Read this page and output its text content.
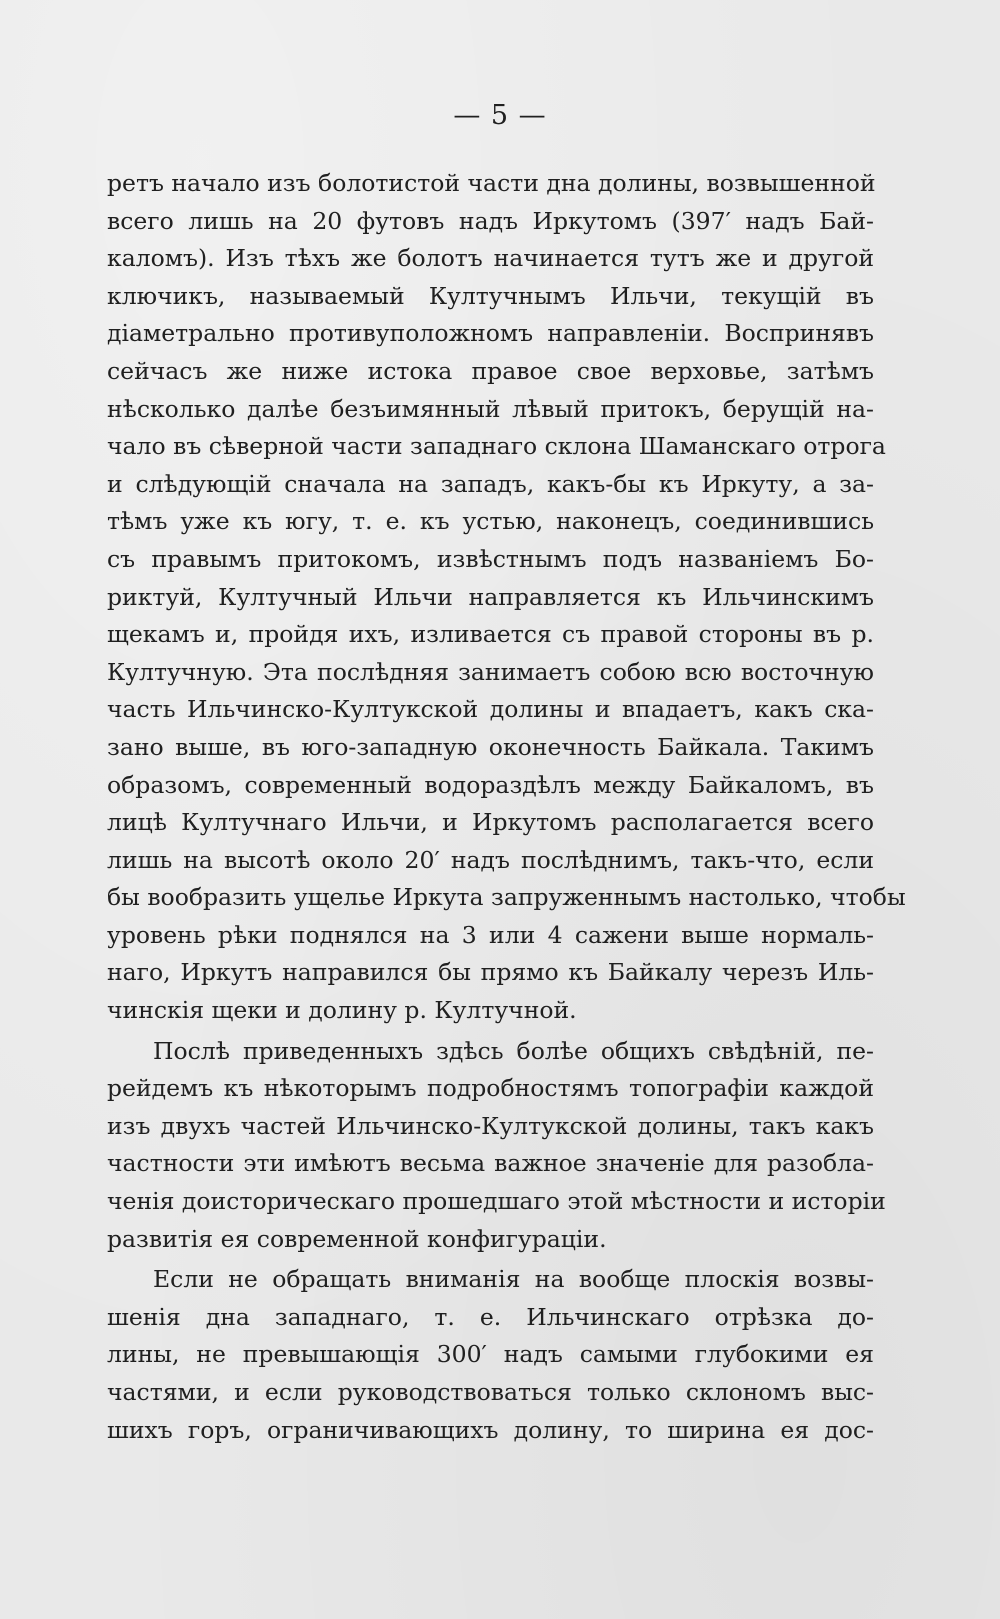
— 5 —
ретъ начало изъ болотистой части дна долины, возвышенной
всего лишь на 20 футовъ надъ Иркутомъ (397′ надъ Бай-
каломъ). Изъ тѣхъ же болотъ начинается тутъ же и другой
ключикъ, называемый Култучнымъ Ильчи, текущій въ
діаметрально противуположномъ направленіи. Воспринявъ
сейчасъ же ниже истока правое свое верховье, затѣмъ
нѣсколько далѣе безъимянный лѣвый притокъ, берущій на-
чало въ сѣверной части западнаго склона Шаманскаго отрога
и слѣдующій сначала на западъ, какъ-бы къ Иркуту, а за-
тѣмъ уже къ югу, т. е. къ устью, наконецъ, соединившись
съ правымъ притокомъ, извѣстнымъ подъ названіемъ Бо-
риктуй, Култучный Ильчи направляется къ Ильчинскимъ
щекамъ и, пройдя ихъ, изливается съ правой стороны въ р.
Култучную. Эта послѣдняя занимаетъ собою всю восточную
часть Ильчинско-Култукской долины и впадаетъ, какъ ска-
зано выше, въ юго-западную оконечность Байкала. Такимъ
образомъ, современный водораздѣлъ между Байкаломъ, въ
лицѣ Култучнаго Ильчи, и Иркутомъ располагается всего
лишь на высотѣ около 20′ надъ послѣднимъ, такъ-что, если
бы вообразить ущелье Иркута запруженнымъ настолько, чтобы
уровень рѣки поднялся на 3 или 4 сажени выше нормаль-
наго, Иркутъ направился бы прямо къ Байкалу черезъ Иль-
чинскія щеки и долину р. Култучной.
Послѣ приведенныхъ здѣсь болѣе общихъ свѣдѣній, пе-
рейдемъ къ нѣкоторымъ подробностямъ топографіи каждой
изъ двухъ частей Ильчинско-Култукской долины, такъ какъ
частности эти имѣютъ весьма важное значеніе для разобла-
ченія доисторическаго прошедшаго этой мѣстности и исторіи
развитія ея современной конфигураціи.
Если не обращать вниманія на вообще плоскія возвы-
шенія дна западнаго, т. е. Ильчинскаго отрѣзка до-
лины, не превышающія 300′ надъ самыми глубокими ея
частями, и если руководствоваться только склономъ выс-
шихъ горъ, ограничивающихъ долину, то ширина ея дос-
